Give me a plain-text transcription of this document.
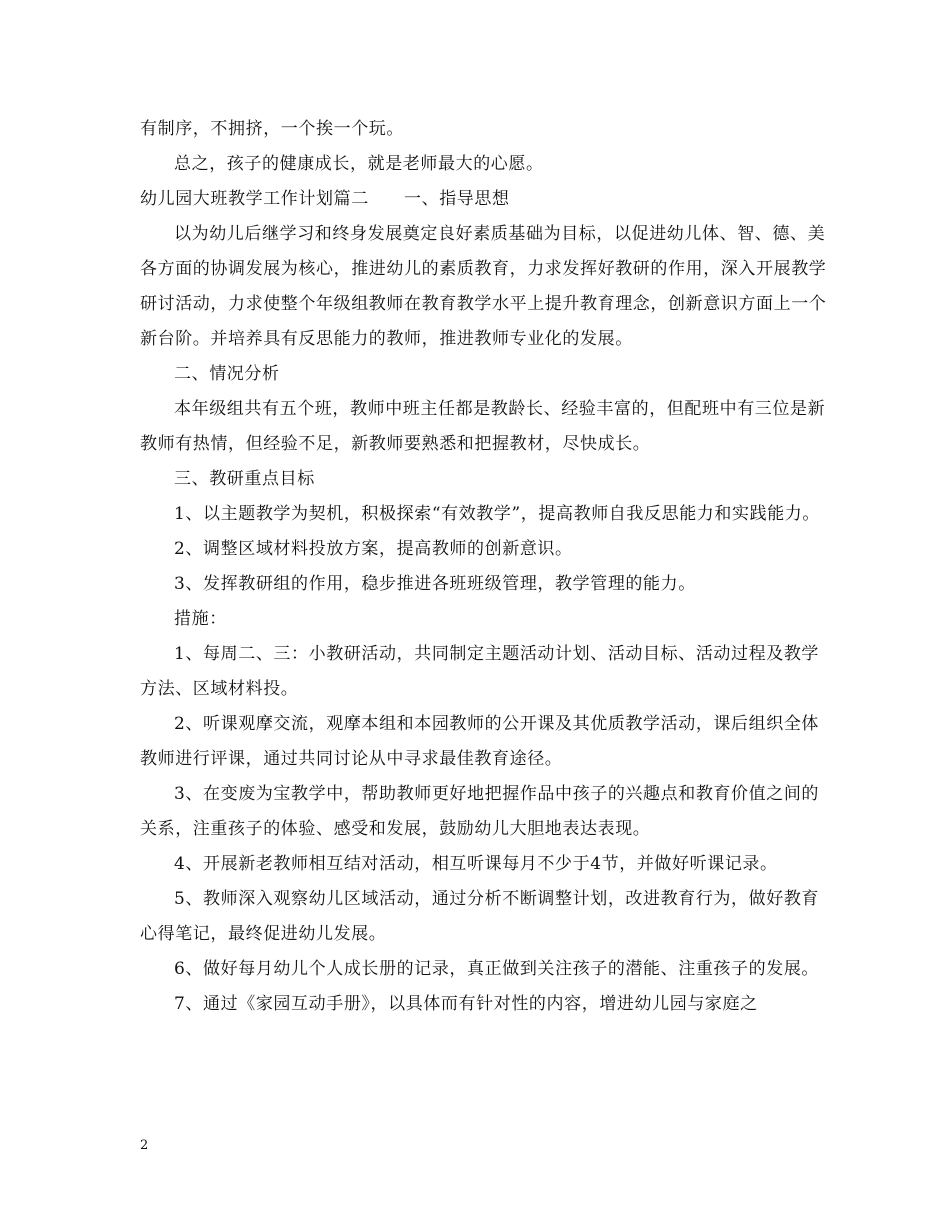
有制序，不拥挤，一个挨一个玩。

总之，孩子的健康成长，就是老师最大的心愿。

幼儿园大班教学工作计划篇二　　一、指导思想

以为幼儿后继学习和终身发展奠定良好素质基础为目标，以促进幼儿体、智、德、美各方面的协调发展为核心，推进幼儿的素质教育，力求发挥好教研的作用，深入开展教学研讨活动，力求使整个年级组教师在教育教学水平上提升教育理念，创新意识方面上一个新台阶。并培养具有反思能力的教师，推进教师专业化的发展。

二、情况分析

本年级组共有五个班，教师中班主任都是教龄长、经验丰富的，但配班中有三位是新教师有热情，但经验不足，新教师要熟悉和把握教材，尽快成长。

三、教研重点目标

1、以主题教学为契机，积极探索“有效教学”，提高教师自我反思能力和实践能力。

2、调整区域材料投放方案，提高教师的创新意识。

3、发挥教研组的作用，稳步推进各班班级管理，教学管理的能力。

措施：

1、每周二、三：小教研活动，共同制定主题活动计划、活动目标、活动过程及教学方法、区域材料投。

2、听课观摩交流，观摩本组和本园教师的公开课及其优质教学活动，课后组织全体教师进行评课，通过共同讨论从中寻求最佳教育途径。

3、在变废为宝教学中，帮助教师更好地把握作品中孩子的兴趣点和教育价值之间的关系，注重孩子的体验、感受和发展，鼓励幼儿大胆地表达表现。

4、开展新老教师相互结对活动，相互听课每月不少于4节，并做好听课记录。

5、教师深入观察幼儿区域活动，通过分析不断调整计划，改进教育行为，做好教育心得笔记，最终促进幼儿发展。

6、做好每月幼儿个人成长册的记录，真正做到关注孩子的潜能、注重孩子的发展。

7、通过《家园互动手册》，以具体而有针对性的内容，增进幼儿园与家庭之

2
